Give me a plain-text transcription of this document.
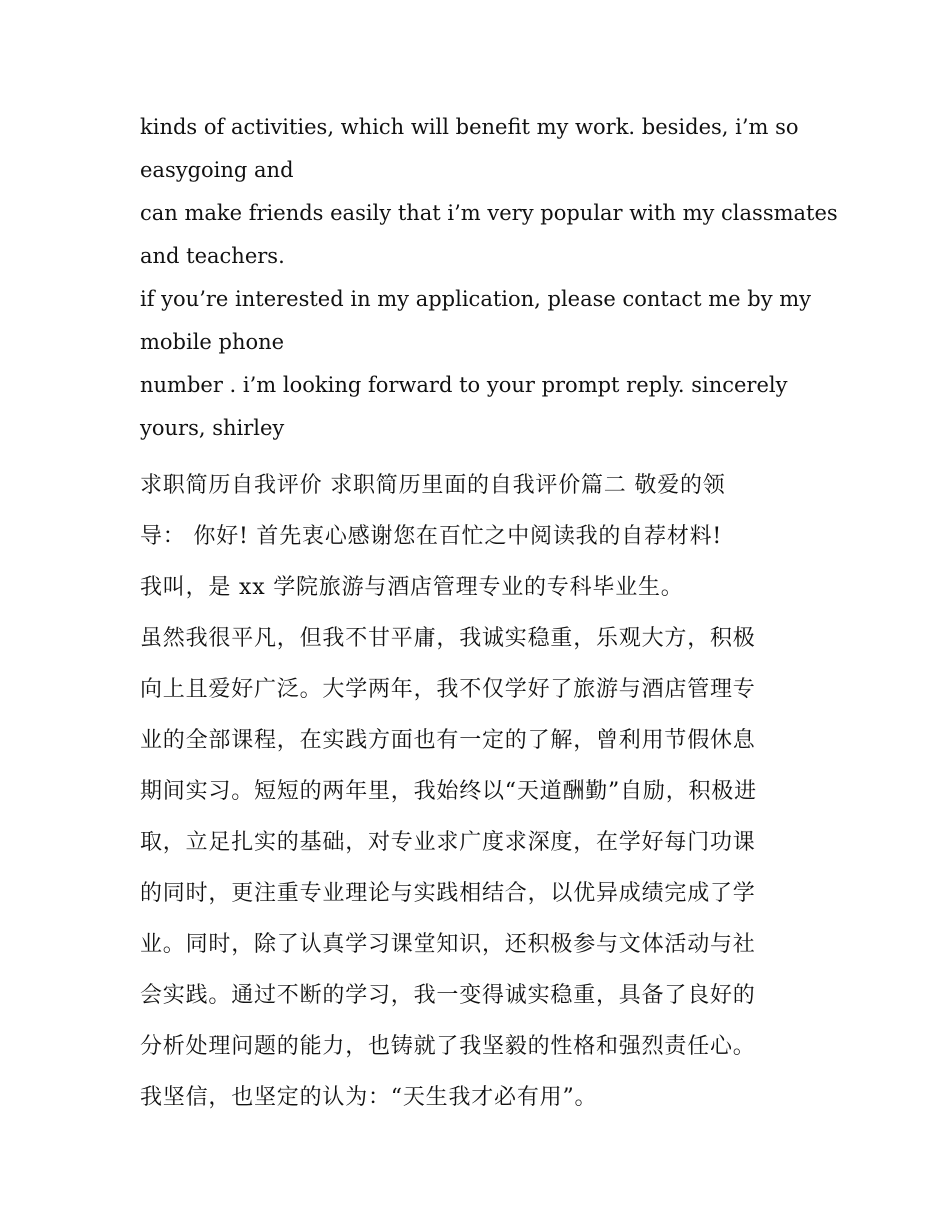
kinds of activities, which will benefit my work. besides, i’m so

easygoing and

can make friends easily that i’m very popular with my classmates

and teachers.

if you’re interested in my application, please contact me by my

mobile phone

number . i’m looking forward to your prompt reply. sincerely

yours, shirley

求职简历自我评价 求职简历里面的自我评价篇二 敬爱的领

导： 你好! 首先衷心感谢您在百忙之中阅读我的自荐材料!

我叫，是 xx 学院旅游与酒店管理专业的专科毕业生。

虽然我很平凡，但我不甘平庸，我诚实稳重，乐观大方，积极

向上且爱好广泛。大学两年，我不仅学好了旅游与酒店管理专

业的全部课程，在实践方面也有一定的了解，曾利用节假休息

期间实习。短短的两年里，我始终以“天道酬勤”自励，积极进

取，立足扎实的基础，对专业求广度求深度，在学好每门功课

的同时，更注重专业理论与实践相结合，以优异成绩完成了学

业。同时，除了认真学习课堂知识，还积极参与文体活动与社

会实践。通过不断的学习，我一变得诚实稳重，具备了良好的

分析处理问题的能力，也铸就了我坚毅的性格和强烈责任心。

我坚信，也坚定的认为：“天生我才必有用”。
